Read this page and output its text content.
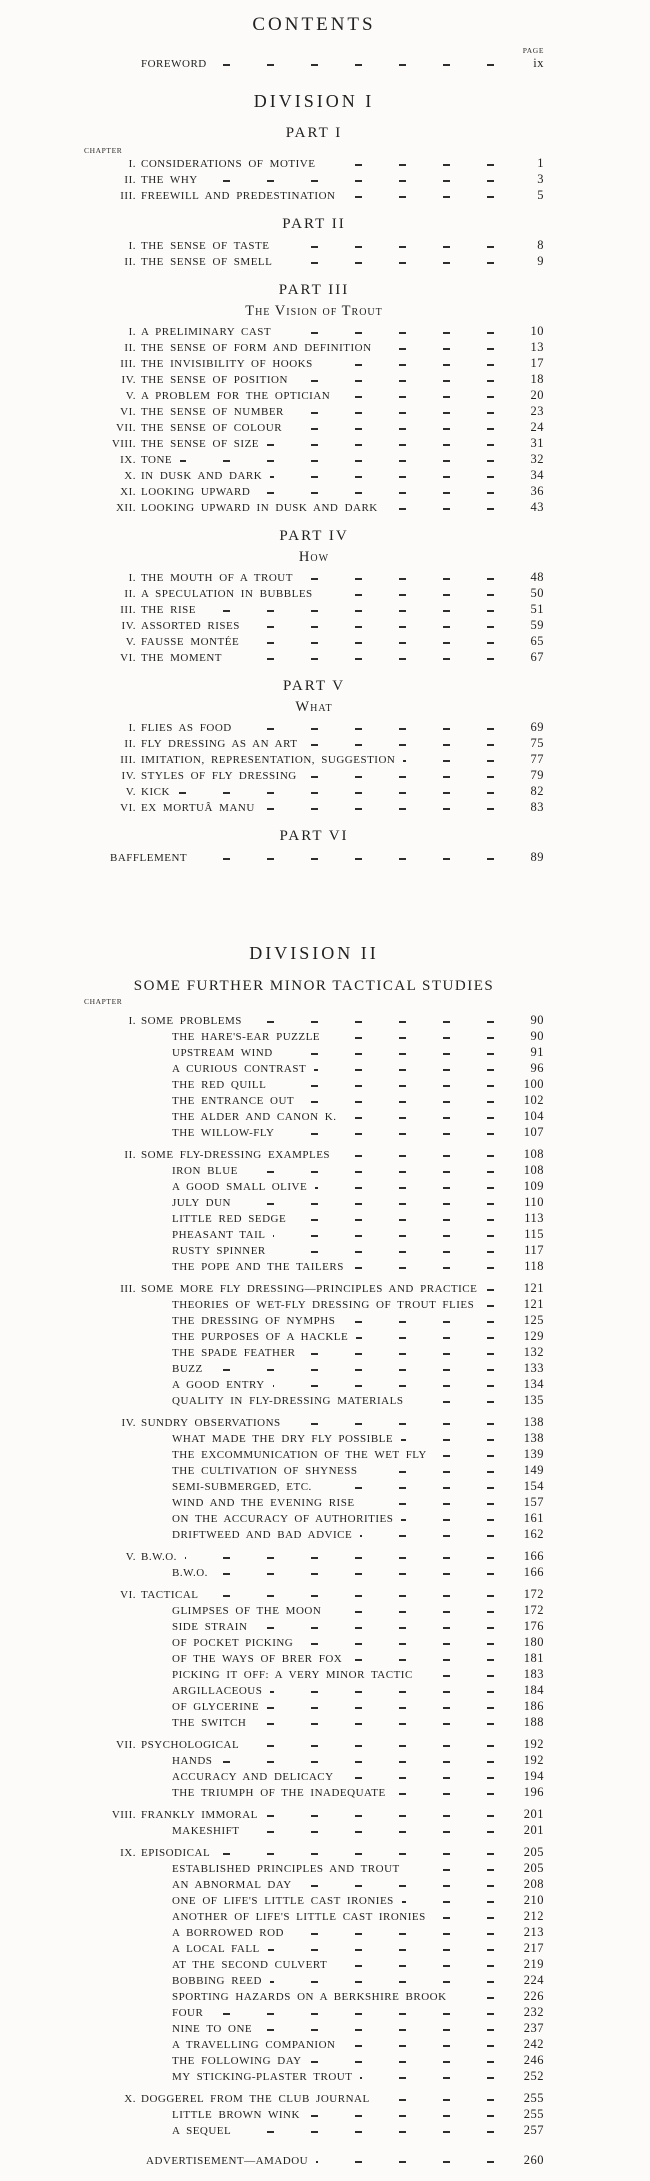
CONTENTS
PAGE
FOREWORD	ix
DIVISION I
PART I
CHAPTER
I. CONSIDERATIONS OF MOTIVE	1
II. THE WHY	3
III. FREEWILL AND PREDESTINATION	5
PART II
I. THE SENSE OF TASTE	8
II. THE SENSE OF SMELL	9
PART III
The Vision of Trout
I. A PRELIMINARY CAST	10
II. THE SENSE OF FORM AND DEFINITION	13
III. THE INVISIBILITY OF HOOKS	17
IV. THE SENSE OF POSITION	18
V. A PROBLEM FOR THE OPTICIAN	20
VI. THE SENSE OF NUMBER	23
VII. THE SENSE OF COLOUR	24
VIII. THE SENSE OF SIZE	31
IX. TONE	32
X. IN DUSK AND DARK	34
XI. LOOKING UPWARD	36
XII. LOOKING UPWARD IN DUSK AND DARK	43
PART IV
How
I. THE MOUTH OF A TROUT	48
II. A SPECULATION IN BUBBLES	50
III. THE RISE	51
IV. ASSORTED RISES	59
V. FAUSSE MONTÉE	65
VI. THE MOMENT	67
PART V
What
I. FLIES AS FOOD	69
II. FLY DRESSING AS AN ART	75
III. IMITATION, REPRESENTATION, SUGGESTION	77
IV. STYLES OF FLY DRESSING	79
V. KICK	82
VI. EX MORTUÂ MANU	83
PART VI
BAFFLEMENT	89
DIVISION II
SOME FURTHER MINOR TACTICAL STUDIES
CHAPTER
I. SOME PROBLEMS	90
THE HARE'S-EAR PUZZLE	90
UPSTREAM WIND	91
A CURIOUS CONTRAST	96
THE RED QUILL	100
THE ENTRANCE OUT	102
THE ALDER AND CANON K.	104
THE WILLOW-FLY	107
II. SOME FLY-DRESSING EXAMPLES	108
IRON BLUE	108
A GOOD SMALL OLIVE	109
JULY DUN	110
LITTLE RED SEDGE	113
PHEASANT TAIL	115
RUSTY SPINNER	117
THE POPE AND THE TAILERS	118
III. SOME MORE FLY DRESSING—PRINCIPLES AND PRACTICE	121
THEORIES OF WET-FLY DRESSING OF TROUT FLIES	121
THE DRESSING OF NYMPHS	125
THE PURPOSES OF A HACKLE	129
THE SPADE FEATHER	132
BUZZ	133
A GOOD ENTRY	134
QUALITY IN FLY-DRESSING MATERIALS	135
IV. SUNDRY OBSERVATIONS	138
WHAT MADE THE DRY FLY POSSIBLE	138
THE EXCOMMUNICATION OF THE WET FLY	139
THE CULTIVATION OF SHYNESS	149
SEMI-SUBMERGED, ETC.	154
WIND AND THE EVENING RISE	157
ON THE ACCURACY OF AUTHORITIES	161
DRIFTWEED AND BAD ADVICE	162
V. B.W.O.	166
B.W.O.	166
VI. TACTICAL	172
GLIMPSES OF THE MOON	172
SIDE STRAIN	176
OF POCKET PICKING	180
OF THE WAYS OF BRER FOX	181
PICKING IT OFF: A VERY MINOR TACTIC	183
ARGILLACEOUS	184
OF GLYCERINE	186
THE SWITCH	188
VII. PSYCHOLOGICAL	192
HANDS	192
ACCURACY AND DELICACY	194
THE TRIUMPH OF THE INADEQUATE	196
VIII. FRANKLY IMMORAL	201
MAKESHIFT	201
IX. EPISODICAL	205
ESTABLISHED PRINCIPLES AND TROUT	205
AN ABNORMAL DAY	208
ONE OF LIFE'S LITTLE CAST IRONIES	210
ANOTHER OF LIFE'S LITTLE CAST IRONIES	212
A BORROWED ROD	213
A LOCAL FALL	217
AT THE SECOND CULVERT	219
BOBBING REED	224
SPORTING HAZARDS ON A BERKSHIRE BROOK	226
FOUR	232
NINE TO ONE	237
A TRAVELLING COMPANION	242
THE FOLLOWING DAY	246
MY STICKING-PLASTER TROUT	252
X. DOGGEREL FROM THE CLUB JOURNAL	255
LITTLE BROWN WINK	255
A SEQUEL	257
ADVERTISEMENT—AMADOU	260
